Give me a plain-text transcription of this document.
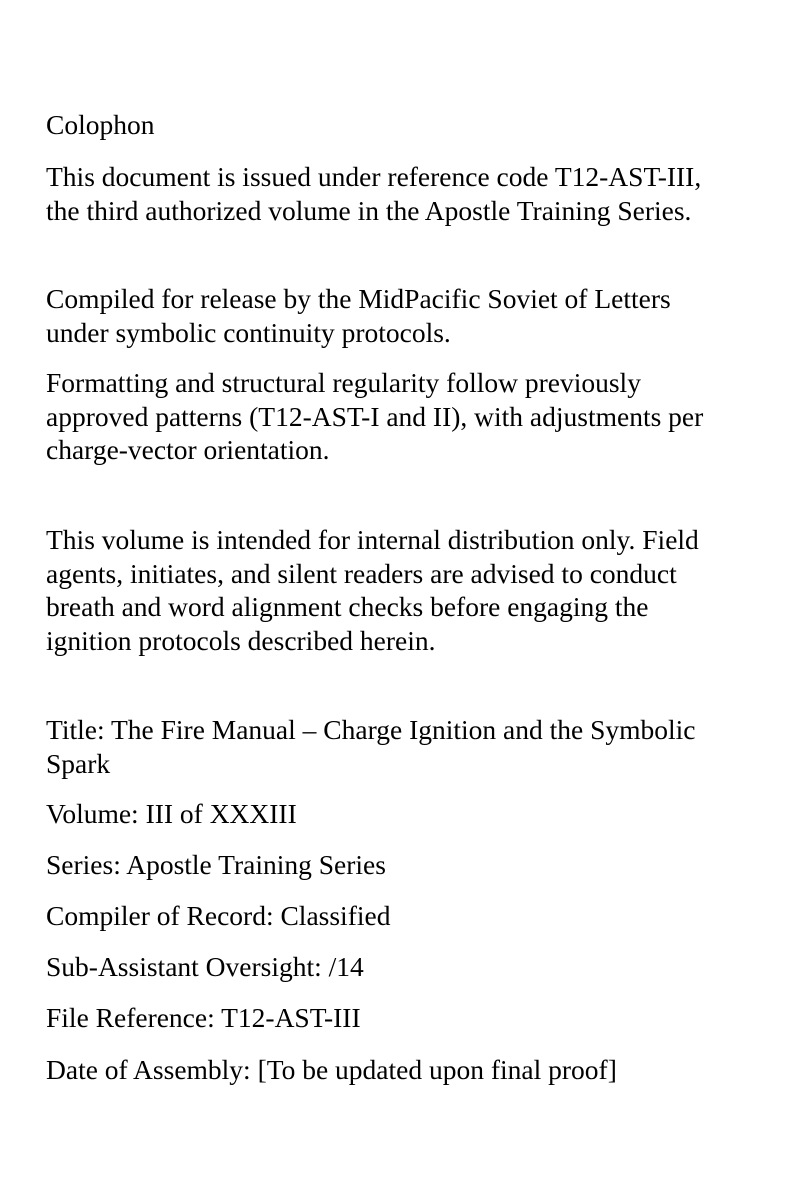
Colophon

This document is issued under reference code T12-AST-III,
the third authorized volume in the Apostle Training Series.

Compiled for release by the MidPacific Soviet of Letters
under symbolic continuity protocols.

Formatting and structural regularity follow previously
approved patterns (T12-AST-I and II), with adjustments per
charge-vector orientation.

This volume is intended for internal distribution only. Field
agents, initiates, and silent readers are advised to conduct
breath and word alignment checks before engaging the
ignition protocols described herein.

Title: The Fire Manual – Charge Ignition and the Symbolic
Spark

Volume: III of XXXIII

Series: Apostle Training Series

Compiler of Record: Classified

Sub-Assistant Oversight: /14

File Reference: T12-AST-III

Date of Assembly: [To be updated upon final proof]
